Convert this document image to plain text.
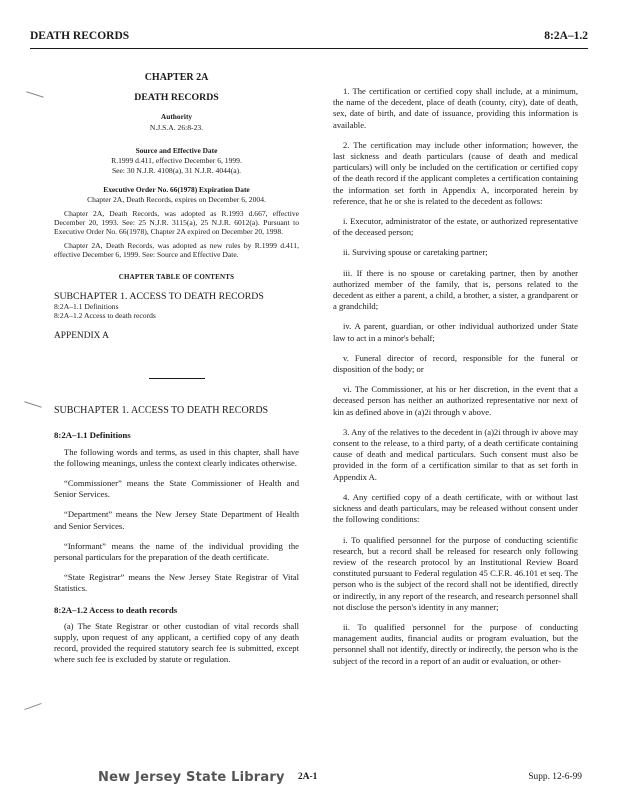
DEATH RECORDS	8:2A–1.2
CHAPTER 2A
DEATH RECORDS
Authority
N.J.S.A. 26:8-23.
Source and Effective Date
R.1999 d.411, effective December 6, 1999.
See: 30 N.J.R. 4108(a), 31 N.J.R. 4044(a).
Executive Order No. 66(1978) Expiration Date
Chapter 2A, Death Records, expires on December 6, 2004.
Chapter 2A, Death Records, was adopted as R.1993 d.667, effective December 20, 1993. See: 25 N.J.R. 3115(a), 25 N.J.R. 6012(a). Pursuant to Executive Order No. 66(1978), Chapter 2A expired on December 20, 1998.
Chapter 2A, Death Records, was adopted as new rules by R.1999 d.411, effective December 6, 1999. See: Source and Effective Date.
CHAPTER TABLE OF CONTENTS
SUBCHAPTER 1. ACCESS TO DEATH RECORDS
8:2A–1.1 Definitions
8:2A–1.2 Access to death records
APPENDIX A
SUBCHAPTER 1. ACCESS TO DEATH RECORDS
8:2A–1.1 Definitions
The following words and terms, as used in this chapter, shall have the following meanings, unless the context clearly indicates otherwise.
“Commissioner” means the State Commissioner of Health and Senior Services.
“Department” means the New Jersey State Department of Health and Senior Services.
“Informant” means the name of the individual providing the personal particulars for the preparation of the death certificate.
“State Registrar” means the New Jersey State Registrar of Vital Statistics.
8:2A–1.2 Access to death records
(a) The State Registrar or other custodian of vital records shall supply, upon request of any applicant, a certified copy of any death record, provided the required statutory search fee is submitted, except where such fee is excluded by statute or regulation.
1. The certification or certified copy shall include, at a minimum, the name of the decedent, place of death (county, city), date of death, sex, date of birth, and date of issuance, providing this information is available.
2. The certification may include other information; however, the last sickness and death particulars (cause of death and medical particulars) will only be included on the certification or certified copy of the death record if the applicant completes a certification containing the information set forth in Appendix A, incorporated herein by reference, that he or she is related to the decedent as follows:
i. Executor, administrator of the estate, or authorized representative of the deceased person;
ii. Surviving spouse or caretaking partner;
iii. If there is no spouse or caretaking partner, then by another authorized member of the family, that is, persons related to the decedent as either a parent, a child, a brother, a sister, a grandparent or a grandchild;
iv. A parent, guardian, or other individual authorized under State law to act in a minor's behalf;
v. Funeral director of record, responsible for the funeral or disposition of the body; or
vi. The Commissioner, at his or her discretion, in the event that a deceased person has neither an authorized representative nor next of kin as defined above in (a)2i through v above.
3. Any of the relatives to the decedent in (a)2i through iv above may consent to the release, to a third party, of a death certificate containing cause of death and medical particulars. Such consent must also be provided in the form of a certification similar to that as set forth in Appendix A.
4. Any certified copy of a death certificate, with or without last sickness and death particulars, may be released without consent under the following conditions:
i. To qualified personnel for the purpose of conducting scientific research, but a record shall be released for research only following review of the research protocol by an Institutional Review Board constituted pursuant to Federal regulation 45 C.F.R. 46.101 et seq. The person who is the subject of the record shall not be identified, directly or indirectly, in any report of the research, and research personnel shall not disclose the person's identity in any manner;
ii. To qualified personnel for the purpose of conducting management audits, financial audits or program evaluation, but the personnel shall not identify, directly or indirectly, the person who is the subject of the record in a report of an audit or evaluation, or other-
New Jersey State Library 2A-1	Supp. 12-6-99
